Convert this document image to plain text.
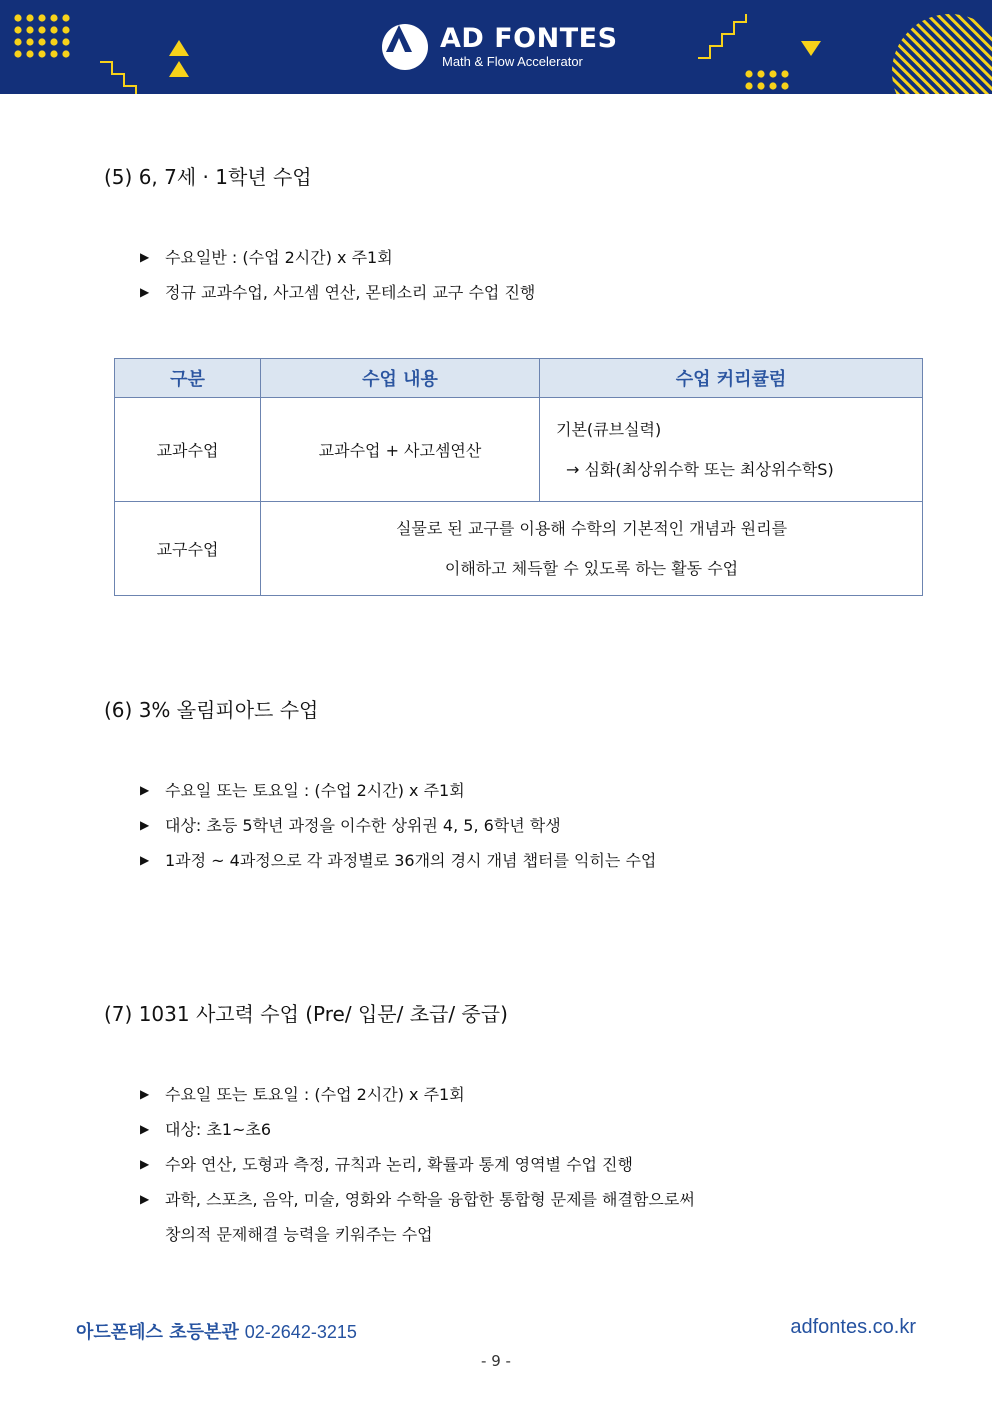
AD FONTES
Math & Flow Accelerator
(5) 6, 7세 · 1학년 수업
▶ 수요일반 : (수업 2시간) x 주1회
▶ 정규 교과수업, 사고셈 연산, 몬테소리 교구 수업 진행
구분	수업 내용	수업 커리큘럼
교과수업	교과수업 + 사고셈연산	기본(큐브실력)
→ 심화(최상위수학 또는 최상위수학S)

교구수업	실물로 된 교구를 이용해 수학의 기본적인 개념과 원리를
이해하고 체득할 수 있도록 하는 활동 수업	
(6) 3% 올림피아드 수업
▶ 수요일 또는 토요일 : (수업 2시간) x 주1회
▶ 대상: 초등 5학년 과정을 이수한 상위권 4, 5, 6학년 학생
▶ 1과정 ~ 4과정으로 각 과정별로 36개의 경시 개념 챕터를 익히는 수업
(7) 1031 사고력 수업 (Pre/ 입문/ 초급/ 중급)
▶ 수요일 또는 토요일 : (수업 2시간) x 주1회
▶ 대상: 초1~초6
▶ 수와 연산, 도형과 측정, 규칙과 논리, 확률과 통계 영역별 수업 진행
▶ 과학, 스포츠, 음악, 미술, 영화와 수학을 융합한 통합형 문제를 해결함으로써
창의적 문제해결 능력을 키워주는 수업
아드폰테스 초등본관 02-2642-3215	adfontes.co.kr
- 9 -
